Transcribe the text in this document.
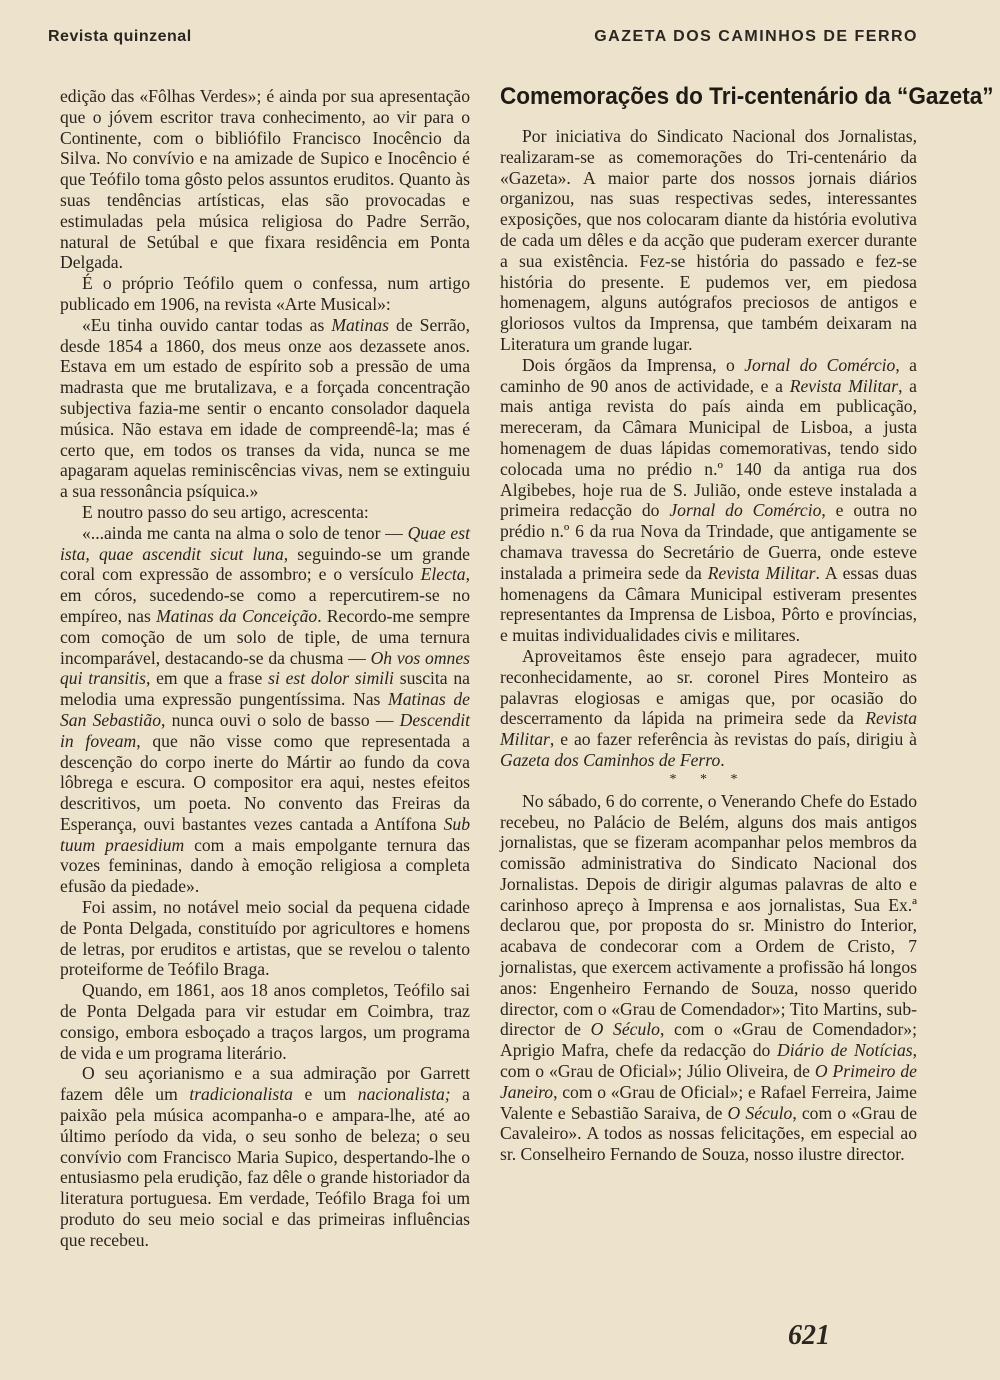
Revista quinzenal	GAZETA DOS CAMINHOS DE FERRO

edição das «Fôlhas Verdes»; é ainda por sua apresentação que o jóvem escritor trava conhecimento, ao vir para o Continente, com o bibliófilo Francisco Inocêncio da Silva. No convívio e na amizade de Supico e Inocêncio é que Teófilo toma gôsto pelos assuntos eruditos. Quanto às suas tendências artísticas, elas são provocadas e estimuladas pela música religiosa do Padre Serrão, natural de Setúbal e que fixara residência em Ponta Delgada.

É o próprio Teófilo quem o confessa, num artigo publicado em 1906, na revista «Arte Musical»:

«Eu tinha ouvido cantar todas as Matinas de Serrão, desde 1854 a 1860, dos meus onze aos dezassete anos. Estava em um estado de espírito sob a pressão de uma madrasta que me brutalizava, e a forçada concentração subjectiva fazia-me sentir o encanto consolador daquela música. Não estava em idade de compreendê-la; mas é certo que, em todos os transes da vida, nunca se me apagaram aquelas reminiscências vivas, nem se extinguiu a sua ressonância psíquica.»

E noutro passo do seu artigo, acrescenta:

«...ainda me canta na alma o solo de tenor — Quae est ista, quae ascendit sicut luna, seguindo-se um grande coral com expressão de assombro; e o versículo Electa, em córos, sucedendo-se como a repercutirem-se no empíreo, nas Matinas da Conceição. Recordo-me sempre com comoção de um solo de tiple, de uma ternura incomparável, destacando-se da chusma — Oh vos omnes qui transitis, em que a frase si est dolor simili suscita na melodia uma expressão pungentíssima. Nas Matinas de San Sebastião, nunca ouvi o solo de basso — Descendit in foveam, que não visse como que representada a descenção do corpo inerte do Mártir ao fundo da cova lôbrega e escura. O compositor era aqui, nestes efeitos descritivos, um poeta. No convento das Freiras da Esperança, ouvi bastantes vezes cantada a Antífona Sub tuum praesidium com a mais empolgante ternura das vozes femininas, dando à emoção religiosa a completa efusão da piedade».

Foi assim, no notável meio social da pequena cidade de Ponta Delgada, constituído por agricultores e homens de letras, por eruditos e artistas, que se revelou o talento proteiforme de Teófilo Braga.

Quando, em 1861, aos 18 anos completos, Teófilo sai de Ponta Delgada para vir estudar em Coimbra, traz consigo, embora esboçado a traços largos, um programa de vida e um programa literário.

O seu açorianismo e a sua admiração por Garrett fazem dêle um tradicionalista e um nacionalista; a paixão pela música acompanha-o e ampara-lhe, até ao último período da vida, o seu sonho de beleza; o seu convívio com Francisco Maria Supico, despertando-lhe o entusiasmo pela erudição, faz dêle o grande historiador da literatura portuguesa. Em verdade, Teófilo Braga foi um produto do seu meio social e das primeiras influências que recebeu.

Comemorações do Tri-centenário da “Gazeta”

Por iniciativa do Sindicato Nacional dos Jornalistas, realizaram-se as comemorações do Tri-centenário da «Gazeta». A maior parte dos nossos jornais diários organizou, nas suas respectivas sedes, interessantes exposições, que nos colocaram diante da história evolutiva de cada um dêles e da acção que puderam exercer durante a sua existência. Fez-se história do passado e fez-se história do presente. E pudemos ver, em piedosa homenagem, alguns autógrafos preciosos de antigos e gloriosos vultos da Imprensa, que também deixaram na Literatura um grande lugar.

Dois órgãos da Imprensa, o Jornal do Comércio, a caminho de 90 anos de actividade, e a Revista Militar, a mais antiga revista do país ainda em publicação, mereceram, da Câmara Municipal de Lisboa, a justa homenagem de duas lápidas comemorativas, tendo sido colocada uma no prédio n.º 140 da antiga rua dos Algibebes, hoje rua de S. Julião, onde esteve instalada a primeira redacção do Jornal do Comércio, e outra no prédio n.º 6 da rua Nova da Trindade, que antigamente se chamava travessa do Secretário de Guerra, onde esteve instalada a primeira sede da Revista Militar. A essas duas homenagens da Câmara Municipal estiveram presentes representantes da Imprensa de Lisboa, Pôrto e províncias, e muitas individualidades civis e militares.

Aproveitamos êste ensejo para agradecer, muito reconhecidamente, ao sr. coronel Pires Monteiro as palavras elogiosas e amigas que, por ocasião do descerramento da lápida na primeira sede da Revista Militar, e ao fazer referência às revistas do país, dirigiu à Gazeta dos Caminhos de Ferro.

* * *

No sábado, 6 do corrente, o Venerando Chefe do Estado recebeu, no Palácio de Belém, alguns dos mais antigos jornalistas, que se fizeram acompanhar pelos membros da comissão administrativa do Sindicato Nacional dos Jornalistas. Depois de dirigir algumas palavras de alto e carinhoso apreço à Imprensa e aos jornalistas, Sua Ex.ª declarou que, por proposta do sr. Ministro do Interior, acabava de condecorar com a Ordem de Cristo, 7 jornalistas, que exercem activamente a profissão há longos anos: Engenheiro Fernando de Souza, nosso querido director, com o «Grau de Comendador»; Tito Martins, sub-director de O Século, com o «Grau de Comendador»; Aprigio Mafra, chefe da redacção do Diário de Notícias, com o «Grau de Oficial»; Júlio Oliveira, de O Primeiro de Janeiro, com o «Grau de Oficial»; e Rafael Ferreira, Jaime Valente e Sebastião Saraiva, de O Século, com o «Grau de Cavaleiro». A todos as nossas felicitações, em especial ao sr. Conselheiro Fernando de Souza, nosso ilustre director.

621
